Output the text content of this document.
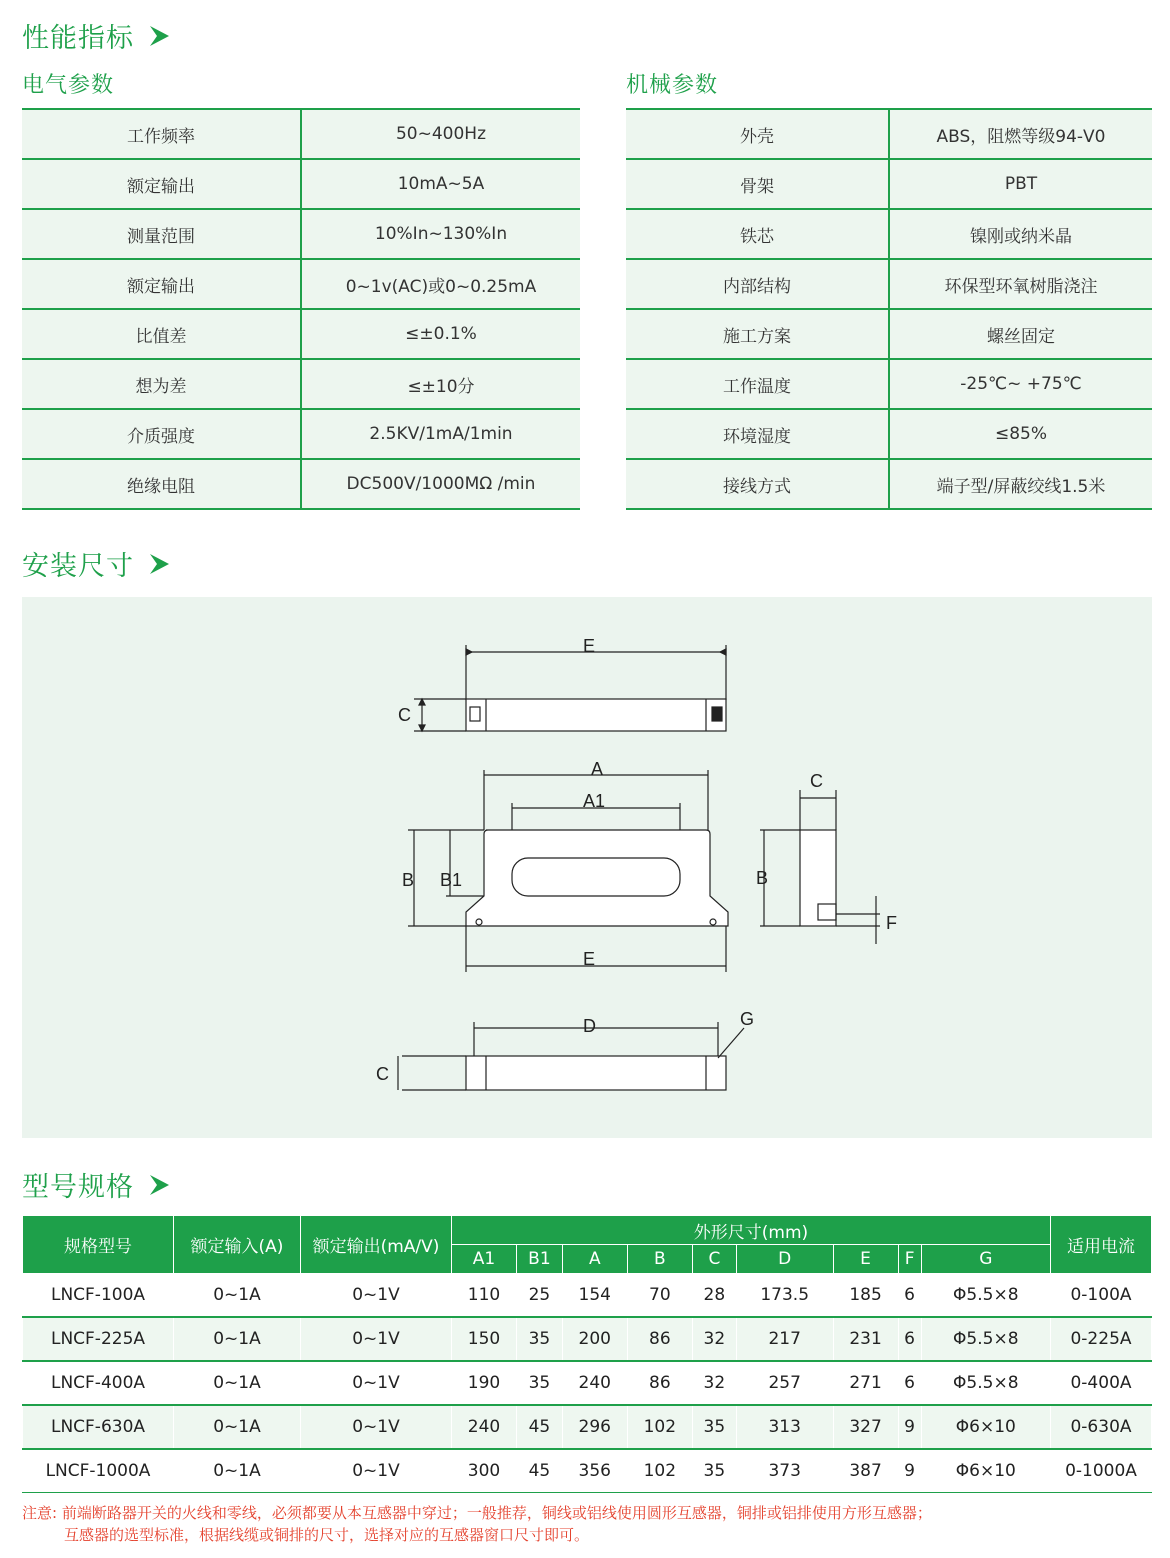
性能指标
电气参数	机械参数
工作频率	50~400Hz
额定输出	10mA~5A
测量范围	10%In~130%In
额定输出	0~1v(AC)或0~0.25mA
比值差	≤±0.1%
想为差	≤±10分
介质强度	2.5KV/1mA/1min
绝缘电阻	DC500V/1000MΩ /min
外壳	ABS，阻燃等级94-V0
骨架	PBT
铁芯	镍刚或纳米晶
内部结构	环保型环氧树脂浇注
施工方案	螺丝固定
工作温度	-25℃~ +75℃
环境湿度	≤85%
接线方式	端子型/屏蔽绞线1.5米
安装尺寸
E
C
A
A1
B B1
E
C
B
F
D	G
C
型号规格
规格型号	额定输入(A)	额定输出(mA/V)	外形尺寸(mm)									适用电流
			A1	B1	A	B	C	D	E	F	G	
LNCF-100A	0~1A	0~1V	110	25	154	70	28	173.5	185	6	Φ5.5×8	0-100A
LNCF-225A	0~1A	0~1V	150	35	200	86	32	217	231	6	Φ5.5×8	0-225A
LNCF-400A	0~1A	0~1V	190	35	240	86	32	257	271	6	Φ5.5×8	0-400A
LNCF-630A	0~1A	0~1V	240	45	296	102	35	313	327	9	Φ6×10	0-630A
LNCF-1000A	0~1A	0~1V	300	45	356	102	35	373	387	9	Φ6×10	0-1000A
注意: 前端断路器开关的火线和零线，必须都要从本互感器中穿过；一般推荐，铜线或铝线使用圆形互感器，铜排或铝排使用方形互感器；
互感器的选型标准，根据线缆或铜排的尺寸，选择对应的互感器窗口尺寸即可。
